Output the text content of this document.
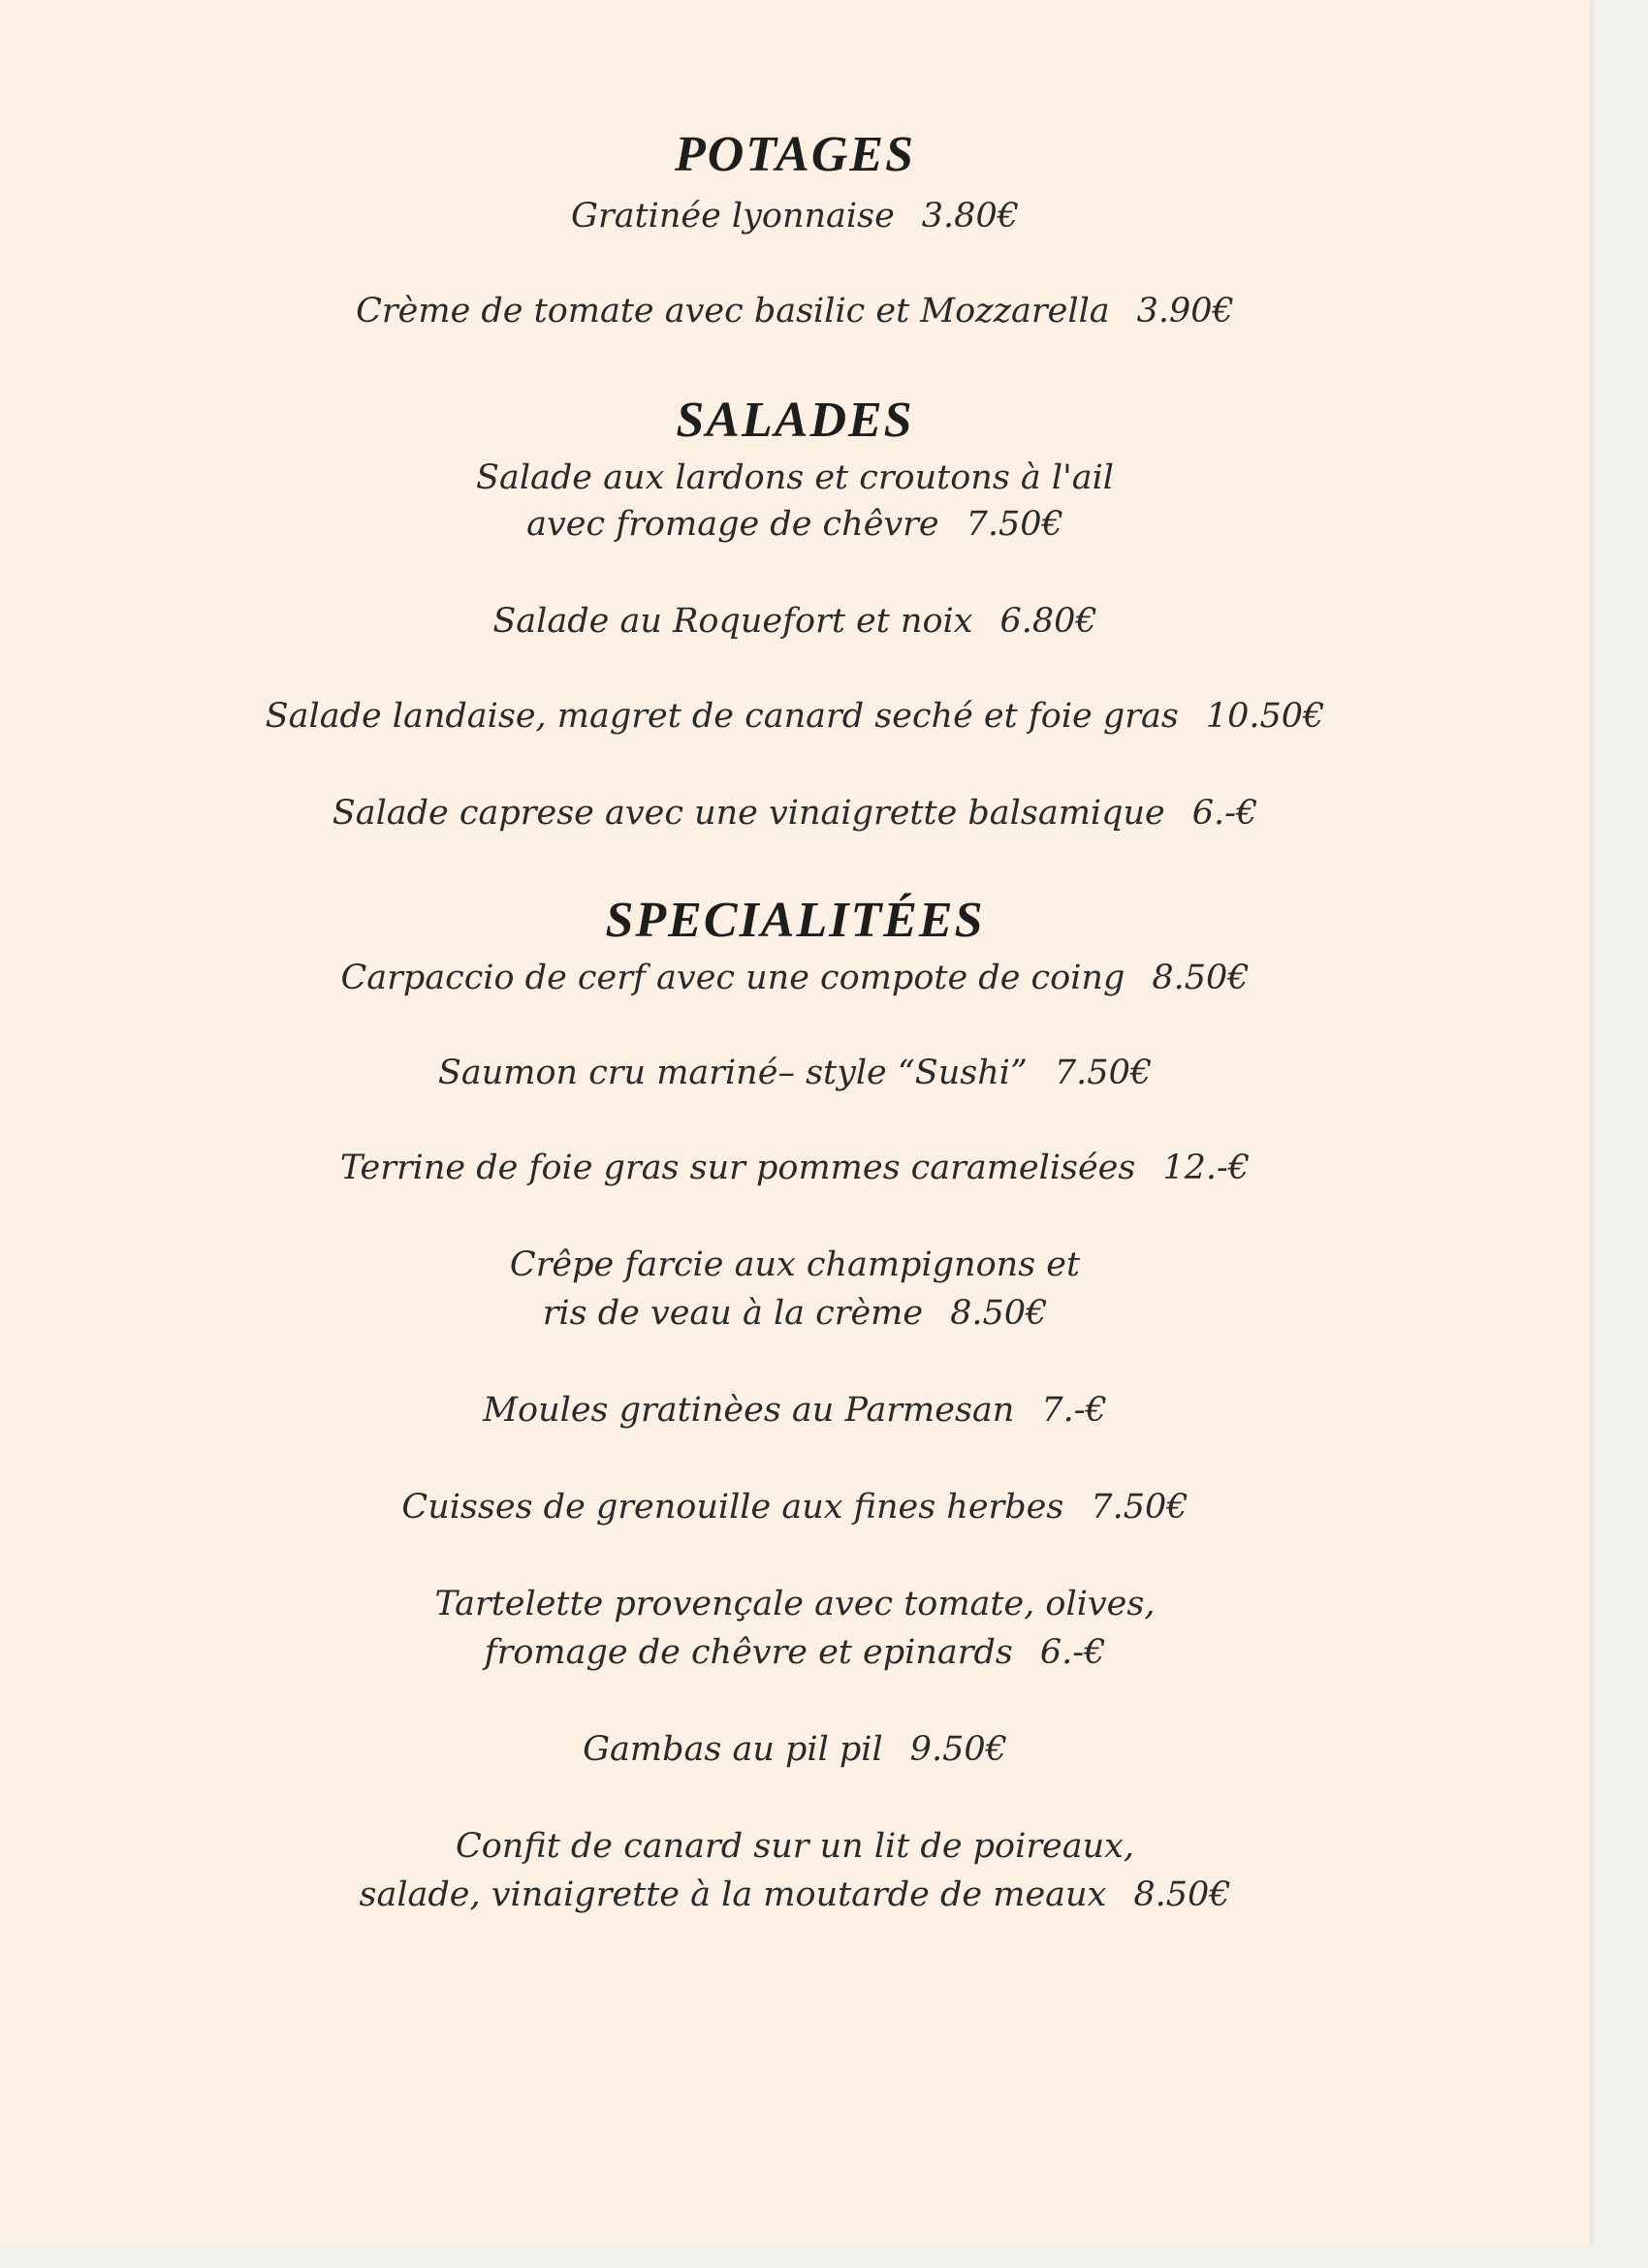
POTAGES
Gratinée lyonnaise 3.80€
Crème de tomate avec basilic et Mozzarella 3.90€
SALADES
Salade aux lardons et croutons à l'ail
avec fromage de chêvre 7.50€
Salade au Roquefort et noix 6.80€
Salade landaise, magret de canard seché et foie gras 10.50€
Salade caprese avec une vinaigrette balsamique 6.-€
SPECIALITÉES
Carpaccio de cerf avec une compote de coing 8.50€
Saumon cru mariné– style “Sushi” 7.50€
Terrine de foie gras sur pommes caramelisées 12.-€
Crêpe farcie aux champignons et
ris de veau à la crème 8.50€
Moules gratinèes au Parmesan 7.-€
Cuisses de grenouille aux fines herbes 7.50€
Tartelette provençale avec tomate, olives,
fromage de chêvre et epinards 6.-€
Gambas au pil pil 9.50€
Confit de canard sur un lit de poireaux,
salade, vinaigrette à la moutarde de meaux 8.50€
